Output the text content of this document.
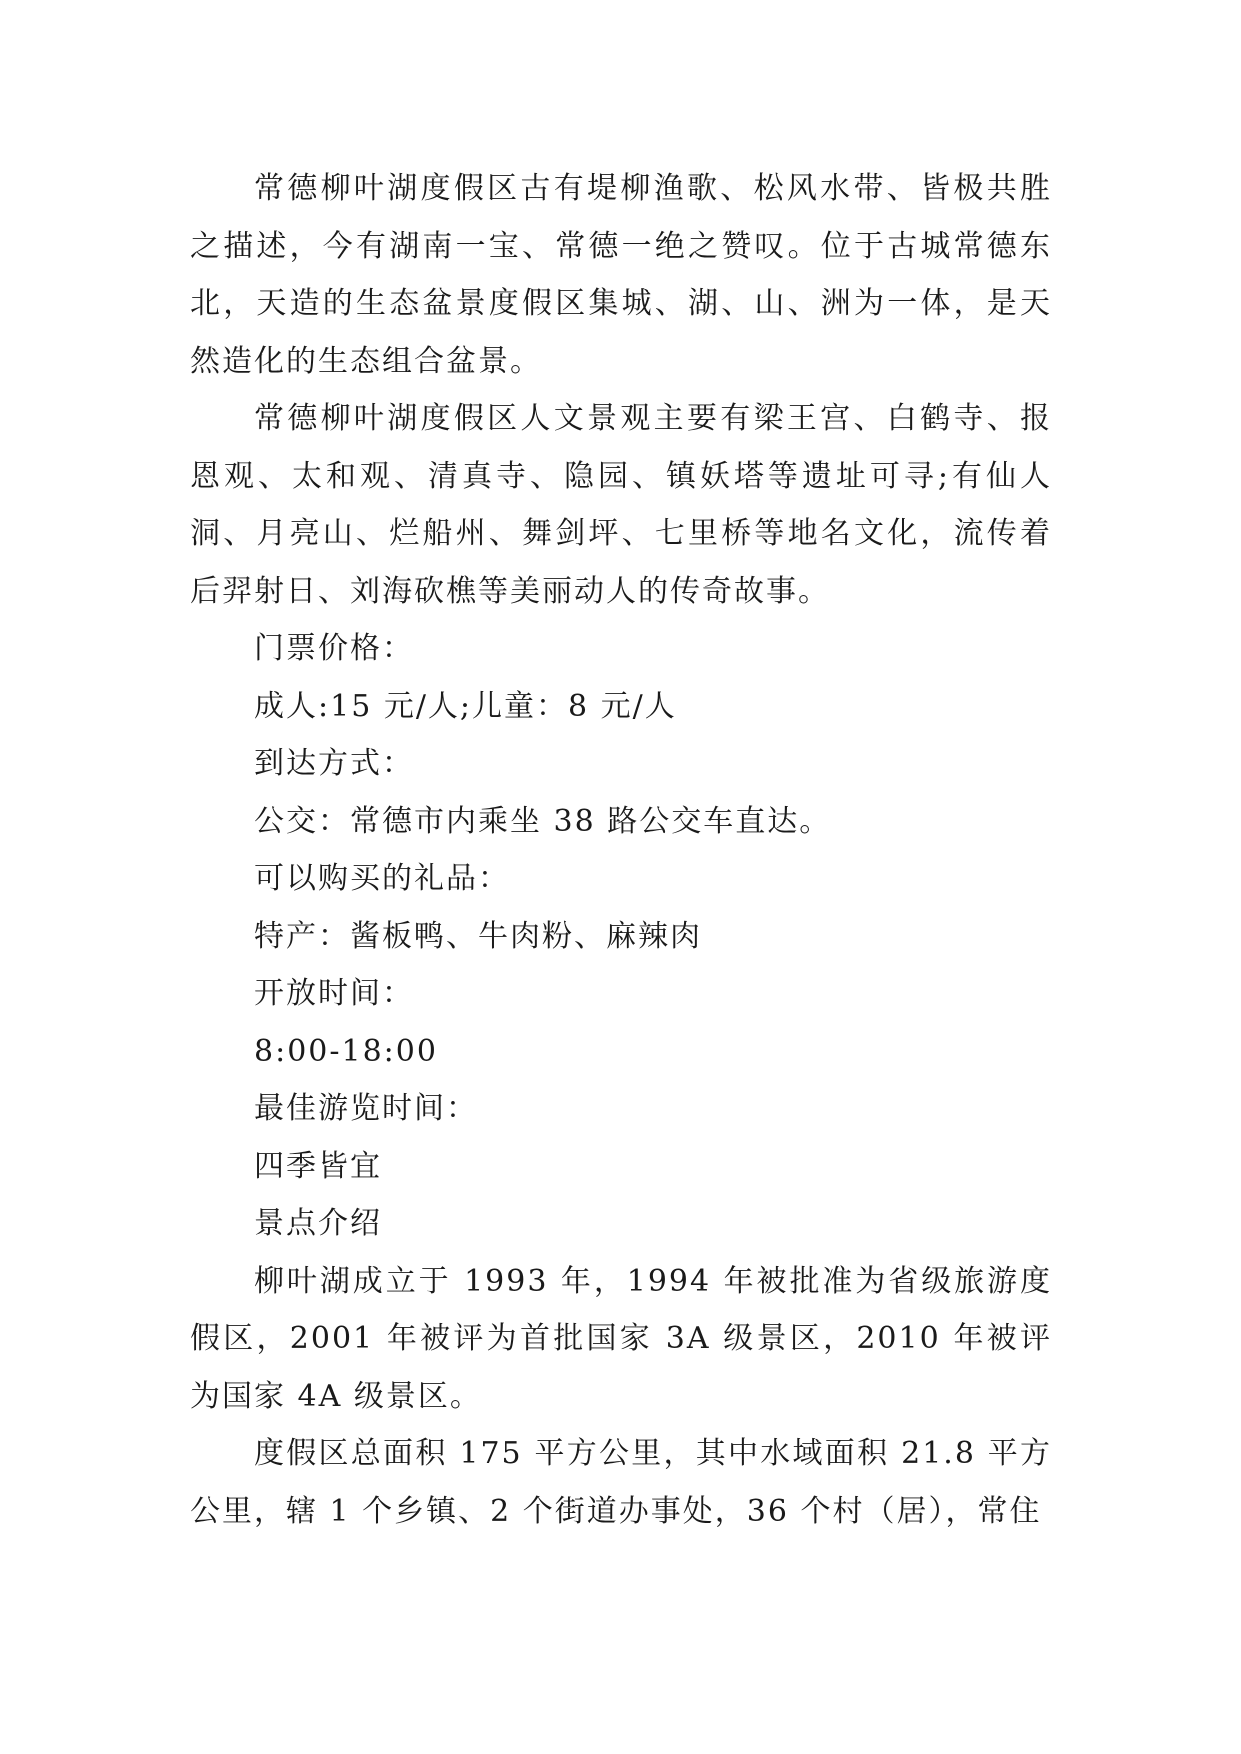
常德柳叶湖度假区古有堤柳渔歌、松风水带、皆极共胜之描述，今有湖南一宝、常德一绝之赞叹。位于古城常德东北，天造的生态盆景度假区集城、湖、山、洲为一体，是天然造化的生态组合盆景。

常德柳叶湖度假区人文景观主要有梁王宫、白鹤寺、报恩观、太和观、清真寺、隐园、镇妖塔等遗址可寻;有仙人洞、月亮山、烂船州、舞剑坪、七里桥等地名文化，流传着后羿射日、刘海砍樵等美丽动人的传奇故事。

门票价格：

成人:15 元/人;儿童：8 元/人

到达方式：

公交：常德市内乘坐 38 路公交车直达。

可以购买的礼品：

特产：酱板鸭、牛肉粉、麻辣肉

开放时间：

8:00-18:00

最佳游览时间：

四季皆宜

景点介绍

柳叶湖成立于 1993 年，1994 年被批准为省级旅游度假区，2001 年被评为首批国家 3A 级景区，2010 年被评为国家 4A 级景区。

度假区总面积 175 平方公里，其中水域面积 21.8 平方公里，辖 1 个乡镇、2 个街道办事处，36 个村（居），常住
